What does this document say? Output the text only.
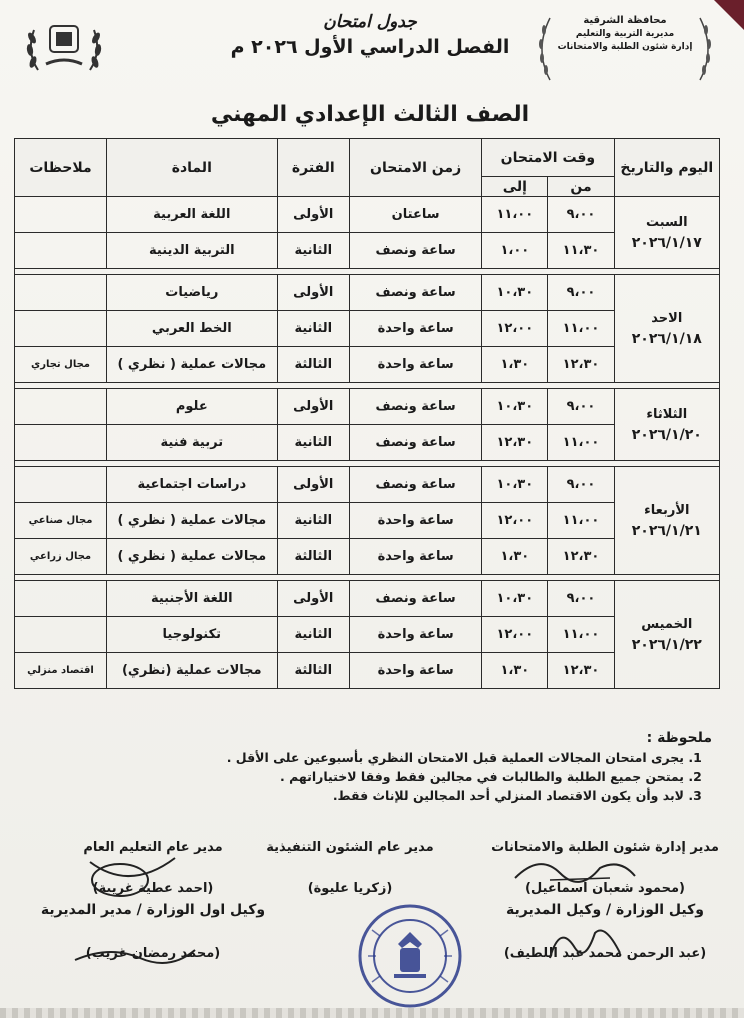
محافظة الشرقية
مديرية التربية والتعليم
إدارة شئون الطلبة والامتحانات
جدول امتحان
الفصل الدراسي الأول ٢٠٢٦ م
الصف الثالث الإعدادي المهني
اليوم والتاريخ	وقت الامتحان		زمن الامتحان	الفترة	المادة	ملاحظات
	من	إلى				

السبت
٢٠٢٦/١/١٧	٩،٠٠	١١،٠٠	ساعتان	الأولى	اللغة العربية	
	١١،٣٠	١،٠٠	ساعة ونصف	الثانية	التربية الدينية	

الاحد
٢٠٢٦/١/١٨	٩،٠٠	١٠،٣٠	ساعة ونصف	الأولى	رياضيات	
	١١،٠٠	١٢،٠٠	ساعة واحدة	الثانية	الخط العربي	
	١٢،٣٠	١،٣٠	ساعة واحدة	الثالثة	مجالات عملية ( نظري )	مجال تجاري

الثلاثاء
٢٠٢٦/١/٢٠	٩،٠٠	١٠،٣٠	ساعة ونصف	الأولى	علوم	
	١١،٠٠	١٢،٣٠	ساعة ونصف	الثانية	تربية فنية	

الأربعاء
٢٠٢٦/١/٢١	٩،٠٠	١٠،٣٠	ساعة ونصف	الأولى	دراسات اجتماعية	
	١١،٠٠	١٢،٠٠	ساعة واحدة	الثانية	مجالات عملية ( نظري )	مجال صناعي
	١٢،٣٠	١،٣٠	ساعة واحدة	الثالثة	مجالات عملية ( نظري )	مجال زراعي

الخميس
٢٠٢٦/١/٢٢	٩،٠٠	١٠،٣٠	ساعة ونصف	الأولى	اللغة الأجنبية	
	١١،٠٠	١٢،٠٠	ساعة واحدة	الثانية	تكنولوجيا	
	١٢،٣٠	١،٣٠	ساعة واحدة	الثالثة	مجالات عملية (نظري)	اقتصاد منزلي
ملحوظة :
1. يجرى امتحان المجالات العملية قبل الامتحان النظري بأسبوعين على الأقل .
2. يمتحن جميع الطلبة والطالبات في مجالين فقط وفقا لاختياراتهم .
3. لابد وأن يكون الاقتصاد المنزلي أحد المجالين للإناث فقط.
مدير إدارة شئون الطلبة والامتحانات
(محمود شعبان اسماعيل)
وكيل الوزارة / وكيل المديرية
(عبد الرحمن محمد عبد اللطيف)
مدير عام الشئون التنفيذية
(زكريا عليوة)
مدير عام التعليم العام
(احمد عطية غريبة)
وكيل اول الوزارة / مدير المديرية
(محمد رمضان غريب)
